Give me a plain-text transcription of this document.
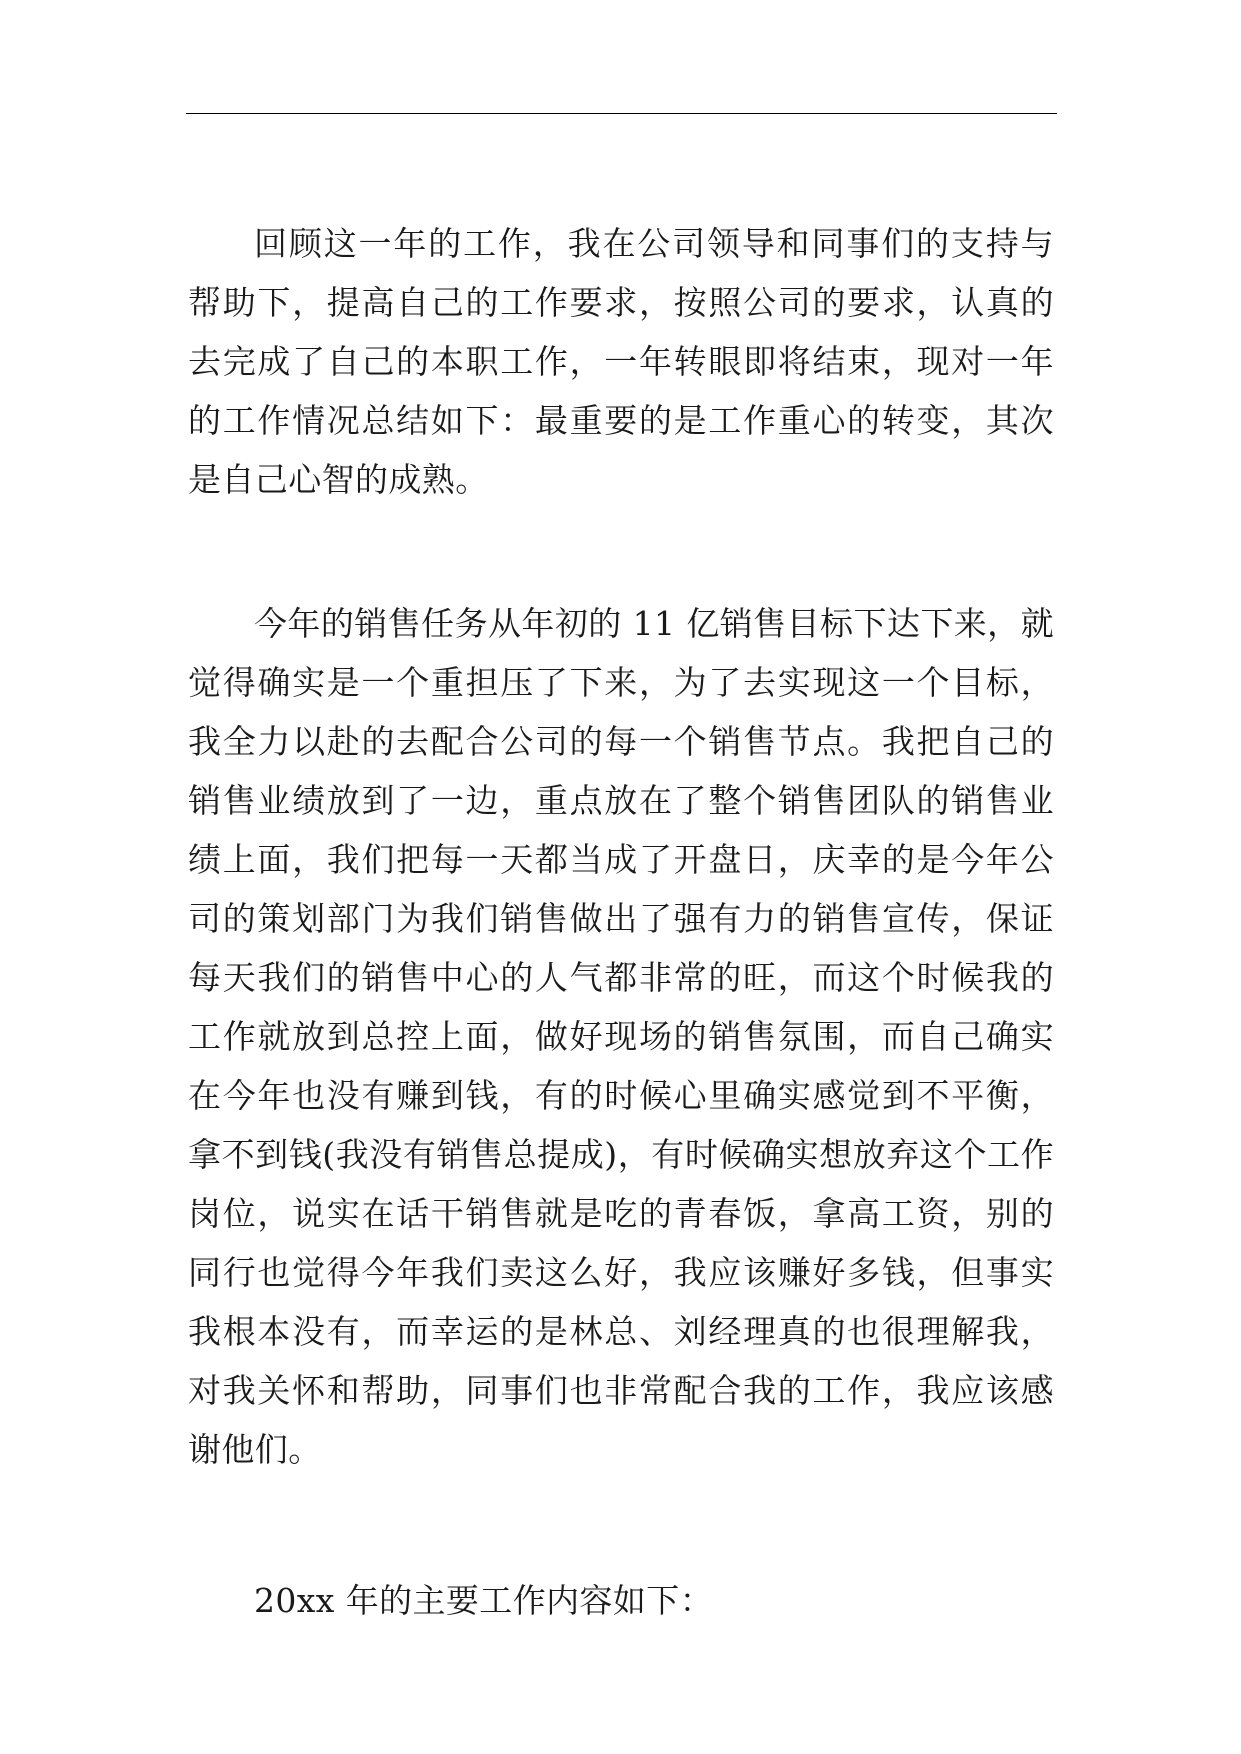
回顾这一年的工作，我在公司领导和同事们的支持与帮助下，提高自己的工作要求，按照公司的要求，认真的去完成了自己的本职工作，一年转眼即将结束，现对一年的工作情况总结如下：最重要的是工作重心的转变，其次是自己心智的成熟。

今年的销售任务从年初的 11 亿销售目标下达下来，就觉得确实是一个重担压了下来，为了去实现这一个目标，我全力以赴的去配合公司的每一个销售节点。我把自己的销售业绩放到了一边，重点放在了整个销售团队的销售业绩上面，我们把每一天都当成了开盘日，庆幸的是今年公司的策划部门为我们销售做出了强有力的销售宣传，保证每天我们的销售中心的人气都非常的旺，而这个时候我的工作就放到总控上面，做好现场的销售氛围，而自己确实在今年也没有赚到钱，有的时候心里确实感觉到不平衡，拿不到钱(我没有销售总提成)，有时候确实想放弃这个工作岗位，说实在话干销售就是吃的青春饭，拿高工资，别的同行也觉得今年我们卖这么好，我应该赚好多钱，但事实我根本没有，而幸运的是林总、刘经理真的也很理解我，对我关怀和帮助，同事们也非常配合我的工作，我应该感谢他们。

20xx 年的主要工作内容如下：
